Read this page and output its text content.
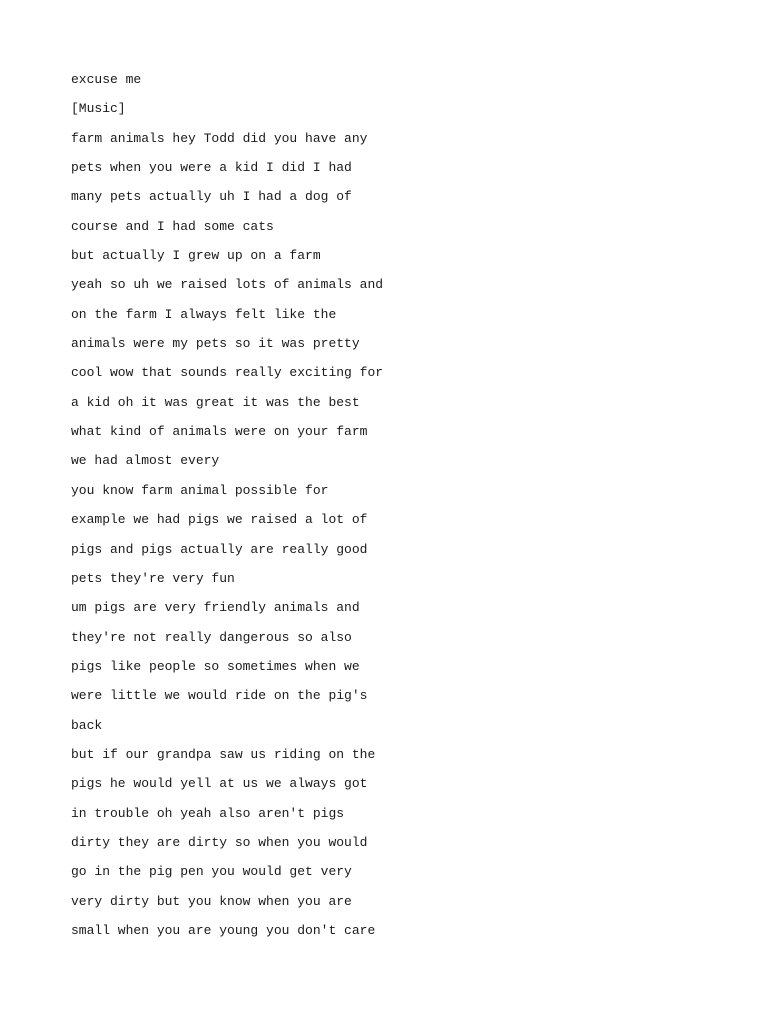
excuse me
[Music]
farm animals hey Todd did you have any
pets when you were a kid I did I had
many pets actually uh I had a dog of
course and I had some cats
but actually I grew up on a farm
yeah so uh we raised lots of animals and
on the farm I always felt like the
animals were my pets so it was pretty
cool wow that sounds really exciting for
a kid oh it was great it was the best
what kind of animals were on your farm
we had almost every
you know farm animal possible for
example we had pigs we raised a lot of
pigs and pigs actually are really good
pets they're very fun
um pigs are very friendly animals and
they're not really dangerous so also
pigs like people so sometimes when we
were little we would ride on the pig's
back
but if our grandpa saw us riding on the
pigs he would yell at us we always got
in trouble oh yeah also aren't pigs
dirty they are dirty so when you would
go in the pig pen you would get very
very dirty but you know when you are
small when you are young you don't care
